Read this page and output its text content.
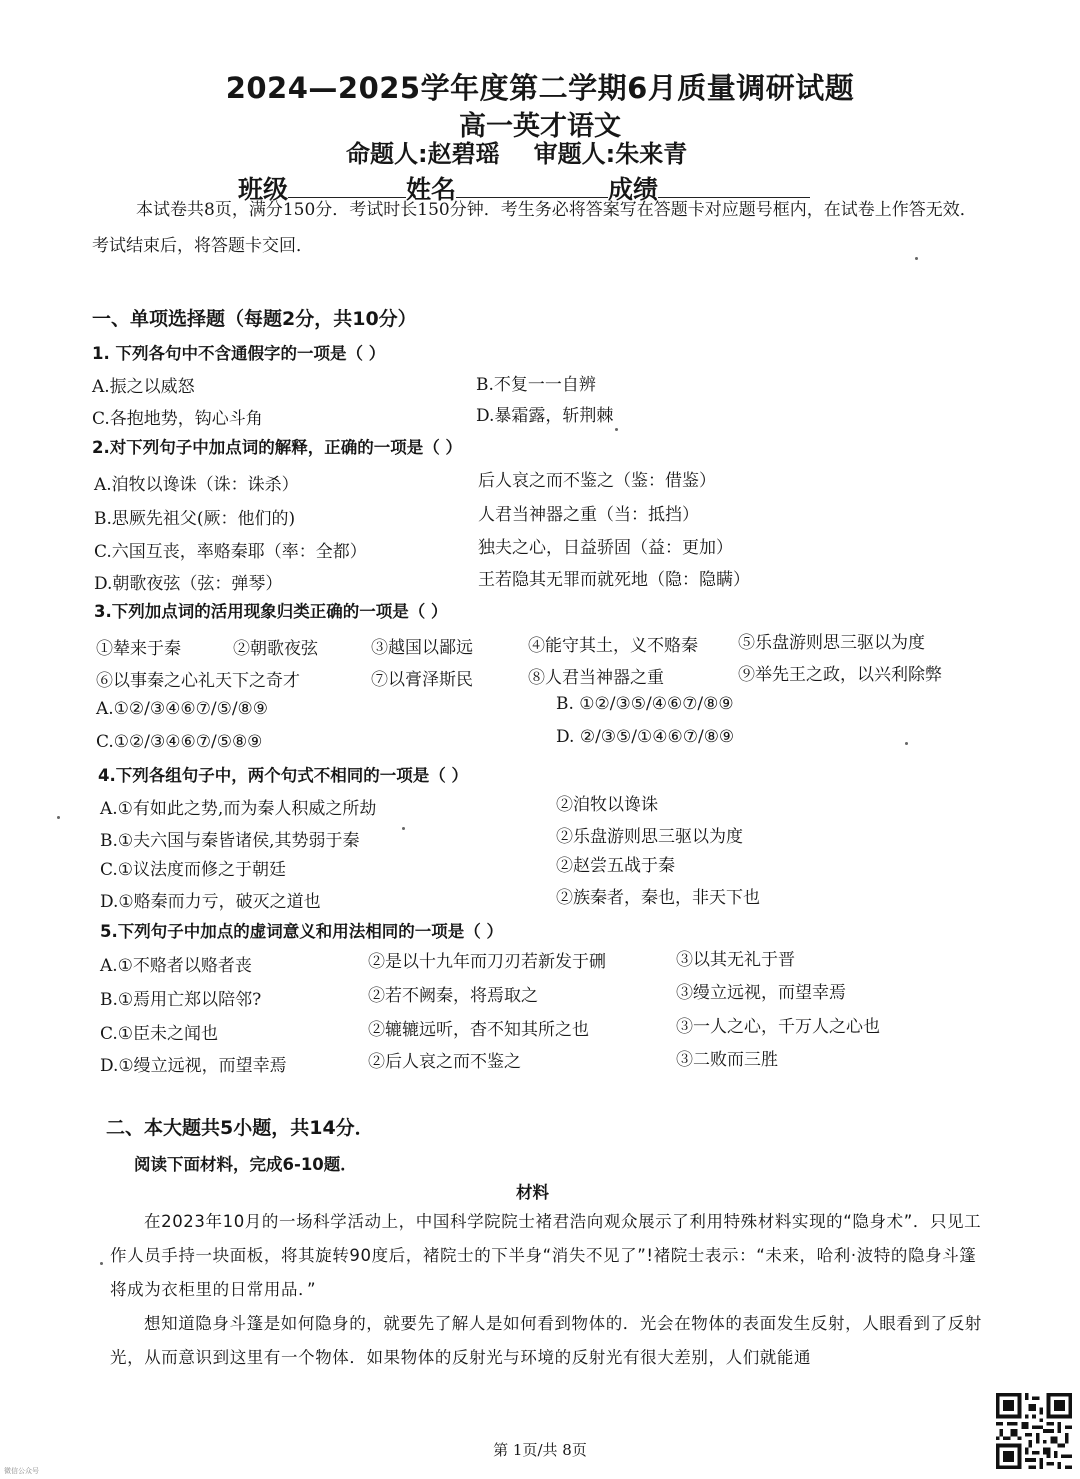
2024—2025学年度第二学期6月质量调研试题
高一英才语文
命题人:赵碧瑶 审题人:朱来青
班级	姓名	成绩
本试卷共8页，满分150分．考试时长150分钟．考生务必将答案写在答题卡对应题号框内，在试卷上作答无效．考试结束后，将答题卡交回．
一、单项选择题（每题2分，共10分）
1. 下列各句中不含通假字的一项是（ ）
A.振之以威怒	B.不复一一自辨
C.各抱地势，钩心斗角	D.暴霜露，斩荆棘
2.对下列句子中加点词的解释，正确的一项是（ ）
A.洎牧以谗诛（诛：诛杀）	后人哀之而不鉴之（鉴：借鉴）
B.思厥先祖父(厥：他们的)	人君当神器之重（当：抵挡）
C.六国互丧，率赂秦耶（率：全都）	独夫之心，日益骄固（益：更加）
D.朝歌夜弦（弦：弹琴）	王若隐其无罪而就死地（隐：隐瞒）
3.下列加点词的活用现象归类正确的一项是（ ）
①辇来于秦	②朝歌夜弦	③越国以鄙远	④能守其土，义不赂秦 ⑤乐盘游则思三驱以为度
⑥以事秦之心礼天下之奇才	⑦以膏泽斯民	⑧人君当神器之重	⑨举先王之政，以兴利除弊
A.①②/③④⑥⑦/⑤/⑧⑨	B. ①②/③⑤/④⑥⑦/⑧⑨
C.①②/③④⑥⑦/⑤⑧⑨	D. ②/③⑤/①④⑥⑦/⑧⑨
4.下列各组句子中，两个句式不相同的一项是（ ）
A.①有如此之势,而为秦人积威之所劫	②洎牧以谗诛
B.①夫六国与秦皆诸侯,其势弱于秦	②乐盘游则思三驱以为度
C.①议法度而修之于朝廷	②赵尝五战于秦
D.①赂秦而力亏，破灭之道也	②族秦者，秦也，非天下也
5.下列句子中加点的虚词意义和用法相同的一项是（ ）
A.①不赂者以赂者丧	②是以十九年而刀刃若新发于硎	③以其无礼于晋
B.①焉用亡郑以陪邻?	②若不阙秦，将焉取之	③缦立远视，而望幸焉
C.①臣未之闻也	②辘辘远听，杳不知其所之也	③一人之心，千万人之心也
D.①缦立远视，而望幸焉	②后人哀之而不鉴之	③二败而三胜
二、本大题共5小题，共14分．
阅读下面材料，完成6-10题．
材料
在2023年10月的一场科学活动上，中国科学院院士褚君浩向观众展示了利用特殊材料实现的“隐身术”．只见工作人员手持一块面板，将其旋转90度后，褚院士的下半身“消失不见了”!褚院士表示：“未来，哈利·波特的隐身斗篷将成为衣柜里的日常用品．”
想知道隐身斗篷是如何隐身的，就要先了解人是如何看到物体的．光会在物体的表面发生反射，人眼看到了反射光，从而意识到这里有一个物体．如果物体的反射光与环境的反射光有很大差别，人们就能通
第 1页/共 8页
微信公众号
